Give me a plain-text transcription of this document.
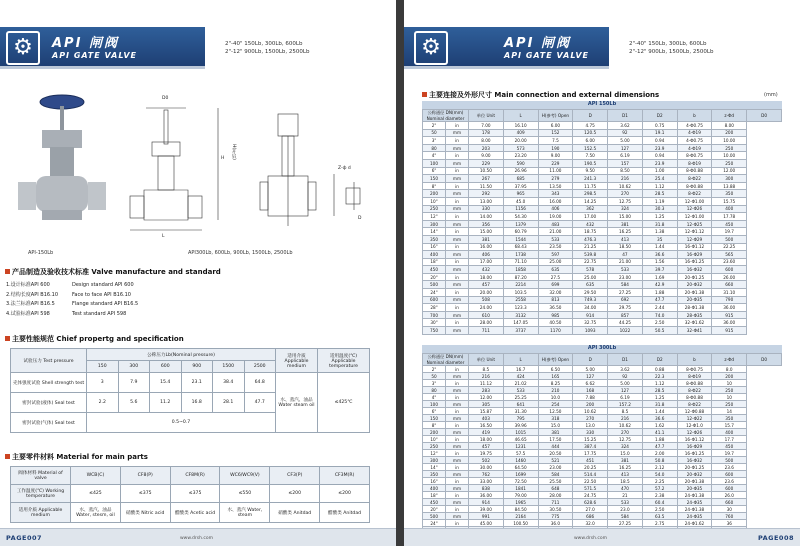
⚙	API 闸阀
API GATE VALVE
2"-40" 150Lb, 300Lb, 600Lb
2"-12" 900Lb, 1500Lb, 2500Lb
API-150Lb
D0
H H(开启)
L
Z-ф d
D
API300Lb, 600Lb, 900Lb, 1500Lb, 2500Lb
产品制造及验收技术标准 Valve manufacture and standard
1.设计标准API 600	Design standard API 600
2.结构长度API B16.10	Face to face API B16.10
3.法兰标准API B16.5	Flange standard API B16.5
4.试验标准API 598	Test standard API 598
主要性能规范 Chief propertg and specification
试验压力 Test pressure	公称压力Lb(Nominal pressure)						适用介质 Applicable medium	适用温度(℃) Applicable temperature
	150	300	600	900	1500	2500		
壳体强度试验 Shell strength test	3	7.9	15.4	23.1	38.4	64.8	水、蒸汽、油品 Water steam oil	≤425℃
密封试验(液体) Seal test	2.2	5.6	11.2	16.8	28.1	47.7		
密封试验(气体) Seal test	0.5~0.7							
主要零件材料 Material for main parts
阀体材料 Material of valve	WCB(C)	CF8(P)	CF8M(R)	WC6/WC9(V)	CF3(P)	CF3M(R)
工作温度(℃) Working temperature	≤425	≤375	≤375	≤550	≤200	≤200
适用介质 Applicable medium	水、蒸汽、油品 Water, stesm, oil	硝酸类 Nitric acid	醋酸类 Acetic acid	水、蒸汽 Water, steam	硝酸类 Anitdad	醋酸类 Anitdad
PAGE007	www.drsh.com
⚙	API 闸阀
API GATE VALVE
2"-40" 150Lb, 300Lb, 600Lb
2"-12" 900Lb, 1500Lb, 2500Lb
主要连接及外形尺寸 Main connection and external dimensions	(mm)
API 150Lb
公称通径 DN(mm) Nominal diameter		单位 Unit	L	H(参考) Open	D	D1	D2	b	z-Φd	D0
2"	in	7.00	16.10	6.00	4.75	3.62	0.75	4-Φ0.75	8.00	
50	mm	178	409	152	120.5	92	19.1	4-Φ19	200	
3"	in	8.00	20.00	7.5	6.00	5.00	0.94	4-Φ0.75	10.00	
80	mm	203	573	190	152.5	127	23.9	4-Φ19	250	
4"	in	9.00	23.20	9.00	7.50	6.19	0.94	8-Φ0.75	10.00	
100	mm	229	590	229	190.5	157	23.9	8-Φ19	250	
6"	in	10.50	26.96	11.00	9.50	8.50	1.00	8-Φ0.88	12.00	
150	mm	267	685	279	241.3	216	25.4	8-Φ22	300	
8"	in	11.50	37.95	13.50	11.75	10.62	1.12	8-Φ0.88	13.88	
200	mm	292	965	343	298.5	270	28.5	8-Φ22	350	
10"	in	13.00	45.0	16.00	14.25	12.75	1.19	12-Φ1.00	15.75	
250	mm	330	1156	406	362	324	30.3	12-Φ26	400	
12"	in	14.00	54.30	19.00	17.00	15.00	1.25	12-Φ1.00	17.78	
300	mm	356	1379	483	432	381	31.8	12-Φ25	450	
14"	in	15.00	60.79	21.00	18.75	16.25	1.38	12-Φ1.12	19.7	
350	mm	381	1544	533	476.3	413	35	12-Φ29	500	
16"	in	16.00	68.43	23.50	21.25	18.50	1.44	16-Φ1.12	22.25	
400	mm	406	1738	597	539.8	47	36.6	16-Φ29	565	
18"	in	17.00	71.10	25.00	22.75	21.00	1.56	16-Φ1.25	23.60	
450	mm	432	1858	635	578	533	39.7	16-Φ32	600	
20"	in	18.00	87.20	27.5	25.00	23.00	1.69	20-Φ1.25	26.00	
500	mm	457	2214	699	635	584	42.9	20-Φ32	660	
24"	in	20.00	103.5	32.00	29.50	27.25	1.88	20-Φ1.38	31.10	
600	mm	508	2558	813	749.3	692	47.7	20-Φ35	790	
28"	in	24.00	123.3	36.50	34.00	29.75	2.44	28-Φ1.38	36.00	
700	mm	610	3132	985	914	857	74.0	28-Φ35	915	
30"	in	28.00	147.05	40.50	32.75	44.25	2.50	32-Φ1.62	36.00	
750	mm	711	3737	1170	1093	1022	50.5	32-Φ41	915	
API 300Lb
公称通径 DN(mm) Nominal diameter		单位 Unit	L	H(参考) Open	D	D1	D2	b	z-Φd	D0
2"	in	8.5	16.7	6.50	5.00	3.62	0.88	8-Φ0.75	8.0	
50	mm	216	424	165	127	92	22.3	8-Φ19	200	
3"	in	11.12	21.02	8.25	6.62	5.00	1.12	8-Φ0.88	10	
80	mm	283	533	210	168	127	28.5	8-Φ22	250	
4"	in	12.00	25.25	10.0	7.88	6.19	1.25	8-Φ0.88	10	
100	mm	305	641	254	200	157.2	31.8	8-Φ22	250	
6"	in	15.87	31.30	12.50	10.62	8.5	1.44	12-Φ0.88	14	
150	mm	403	795	318	270	216	36.6	12-Φ22	350	
8"	in	16.50	39.96	15.0	13.0	10.62	1.62	12-Φ1.0	15.7	
200	mm	419	1015	381	330	270	41.1	12-Φ26	400	
10"	in	18.00	46.65	17.50	15.25	12.75	1.88	16-Φ1.12	17.7	
250	mm	457	1231	444	387.4	324	47.7	16-Φ29	450	
12"	in	19.75	57.5	20.50	17.75	15.0	2.00	16-Φ1.25	19.7	
300	mm	502	1460	521	451	381	50.8	16-Φ32	500	
14"	in	30.00	64.50	23.00	20.25	16.25	2.12	20-Φ1.25	23.6	
350	mm	762	1699	584	514.4	413	54.0	20-Φ32	600	
16"	in	33.00	72.50	25.50	22.50	18.5	2.25	20-Φ1.38	23.6	
400	mm	838	1841	648	571.5	470	57.2	20-Φ35	600	
18"	in	36.00	79.00	28.00	24.75	21	2.38	24-Φ1.38	26.0	
450	mm	914	1965	711	628.6	533	60.4	24-Φ35	660	
20"	in	39.00	84.50	30.50	27.0	23.0	2.50	24-Φ1.38	30	
500	mm	991	2164	775	686	584	63.5	24-Φ35	760	
24"	in	45.00	100.50	36.0	32.0	27.25	2.75	24-Φ1.62	36	

www.drsh.com	PAGE008
